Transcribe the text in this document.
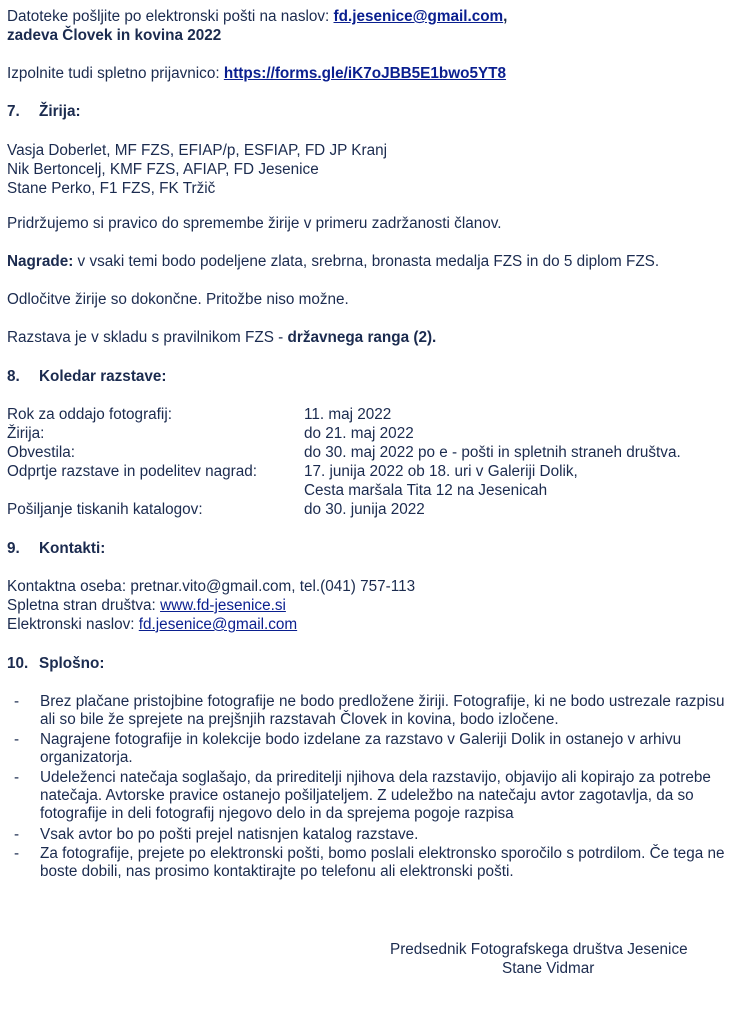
Datoteke pošljite po elektronski pošti na naslov: fd.jesenice@gmail.com,
zadeva Človek in kovina 2022
Izpolnite tudi spletno prijavnico: https://forms.gle/iK7oJBB5E1bwo5YT8
7. Žirija:
Vasja Doberlet, MF FZS, EFIAP/p, ESFIAP, FD JP Kranj
Nik Bertoncelj, KMF FZS, AFIAP, FD Jesenice
Stane Perko, F1 FZS, FK Tržič
Pridržujemo si pravico do spremembe žirije v primeru zadržanosti članov.
Nagrade: v vsaki temi bodo podeljene zlata, srebrna, bronasta medalja FZS in do 5 diplom FZS.
Odločitve žirije so dokončne. Pritožbe niso možne.
Razstava je v skladu s pravilnikom FZS - državnega ranga (2).
8. Koledar razstave:
Rok za oddajo fotografij:	11. maj 2022
Žirija:	do 21. maj 2022
Obvestila:	do 30. maj 2022 po e - pošti in spletnih straneh društva.
Odprtje razstave in podelitev nagrad:	17. junija 2022 ob 18. uri v Galeriji Dolik,
Cesta maršala Tita 12 na Jesenicah
Pošiljanje tiskanih katalogov:	do 30. junija 2022
9. Kontakti:
Kontaktna oseba: pretnar.vito@gmail.com, tel.(041) 757-113
Spletna stran društva: www.fd-jesenice.si
Elektronski naslov: fd.jesenice@gmail.com
10. Splošno:
- Brez plačane pristojbine fotografije ne bodo predložene žiriji. Fotografije, ki ne bodo ustrezale razpisu ali so bile že sprejete na prejšnjih razstavah Človek in kovina, bodo izločene.
- Nagrajene fotografije in kolekcije bodo izdelane za razstavo v Galeriji Dolik in ostanejo v arhivu organizatorja.
- Udeleženci natečaja soglašajo, da prireditelji njihova dela razstavijo, objavijo ali kopirajo za potrebe natečaja. Avtorske pravice ostanejo pošiljateljem. Z udeležbo na natečaju avtor zagotavlja, da so fotografije in deli fotografij njegovo delo in da sprejema pogoje razpisa
- Vsak avtor bo po pošti prejel natisnjen katalog razstave.
- Za fotografije, prejete po elektronski pošti, bomo poslali elektronsko sporočilo s potrdilom. Če tega ne boste dobili, nas prosimo kontaktirajte po telefonu ali elektronski pošti.
Predsednik Fotografskega društva Jesenice
Stane Vidmar
